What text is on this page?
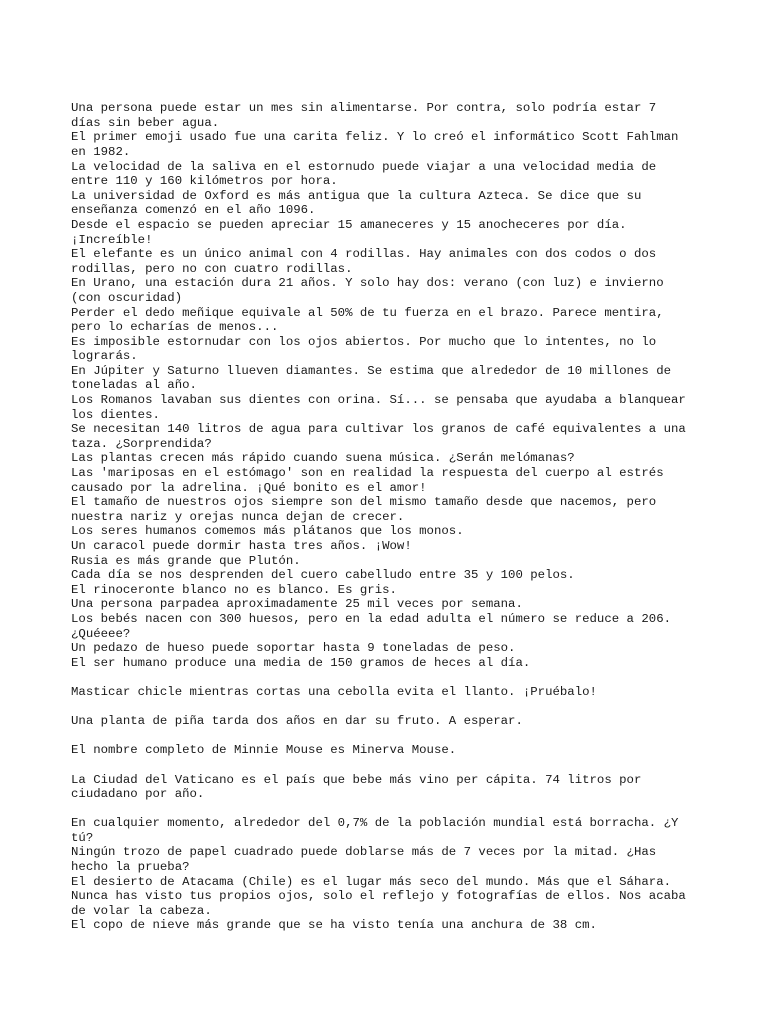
Una persona puede estar un mes sin alimentarse. Por contra, solo podría estar 7
días sin beber agua.
El primer emoji usado fue una carita feliz. Y lo creó el informático Scott Fahlman
en 1982.
La velocidad de la saliva en el estornudo puede viajar a una velocidad media de
entre 110 y 160 kilómetros por hora.
La universidad de Oxford es más antigua que la cultura Azteca. Se dice que su
enseñanza comenzó en el año 1096.
Desde el espacio se pueden apreciar 15 amaneceres y 15 anocheceres por día.
¡Increíble!
El elefante es un único animal con 4 rodillas. Hay animales con dos codos o dos
rodillas, pero no con cuatro rodillas.
En Urano, una estación dura 21 años. Y solo hay dos: verano (con luz) e invierno
(con oscuridad)
Perder el dedo meñique equivale al 50% de tu fuerza en el brazo. Parece mentira,
pero lo echarías de menos...
Es imposible estornudar con los ojos abiertos. Por mucho que lo intentes, no lo
lograrás.
En Júpiter y Saturno llueven diamantes. Se estima que alrededor de 10 millones de
toneladas al año.
Los Romanos lavaban sus dientes con orina. Sí... se pensaba que ayudaba a blanquear
los dientes.
Se necesitan 140 litros de agua para cultivar los granos de café equivalentes a una
taza. ¿Sorprendida?
Las plantas crecen más rápido cuando suena música. ¿Serán melómanas?
Las 'mariposas en el estómago' son en realidad la respuesta del cuerpo al estrés
causado por la adrelina. ¡Qué bonito es el amor!
El tamaño de nuestros ojos siempre son del mismo tamaño desde que nacemos, pero
nuestra nariz y orejas nunca dejan de crecer.
Los seres humanos comemos más plátanos que los monos.
Un caracol puede dormir hasta tres años. ¡Wow!
Rusia es más grande que Plutón.
Cada día se nos desprenden del cuero cabelludo entre 35 y 100 pelos.
El rinoceronte blanco no es blanco. Es gris.
Una persona parpadea aproximadamente 25 mil veces por semana.
Los bebés nacen con 300 huesos, pero en la edad adulta el número se reduce a 206.
¿Quéeee?
Un pedazo de hueso puede soportar hasta 9 toneladas de peso.
El ser humano produce una media de 150 gramos de heces al día.
Masticar chicle mientras cortas una cebolla evita el llanto. ¡Pruébalo!
Una planta de piña tarda dos años en dar su fruto. A esperar.
El nombre completo de Minnie Mouse es Minerva Mouse.
La Ciudad del Vaticano es el país que bebe más vino per cápita. 74 litros por
ciudadano por año.
En cualquier momento, alrededor del 0,7% de la población mundial está borracha. ¿Y
tú?
Ningún trozo de papel cuadrado puede doblarse más de 7 veces por la mitad. ¿Has
hecho la prueba?
El desierto de Atacama (Chile) es el lugar más seco del mundo. Más que el Sáhara.
Nunca has visto tus propios ojos, solo el reflejo y fotografías de ellos. Nos acaba
de volar la cabeza.
El copo de nieve más grande que se ha visto tenía una anchura de 38 cm.
